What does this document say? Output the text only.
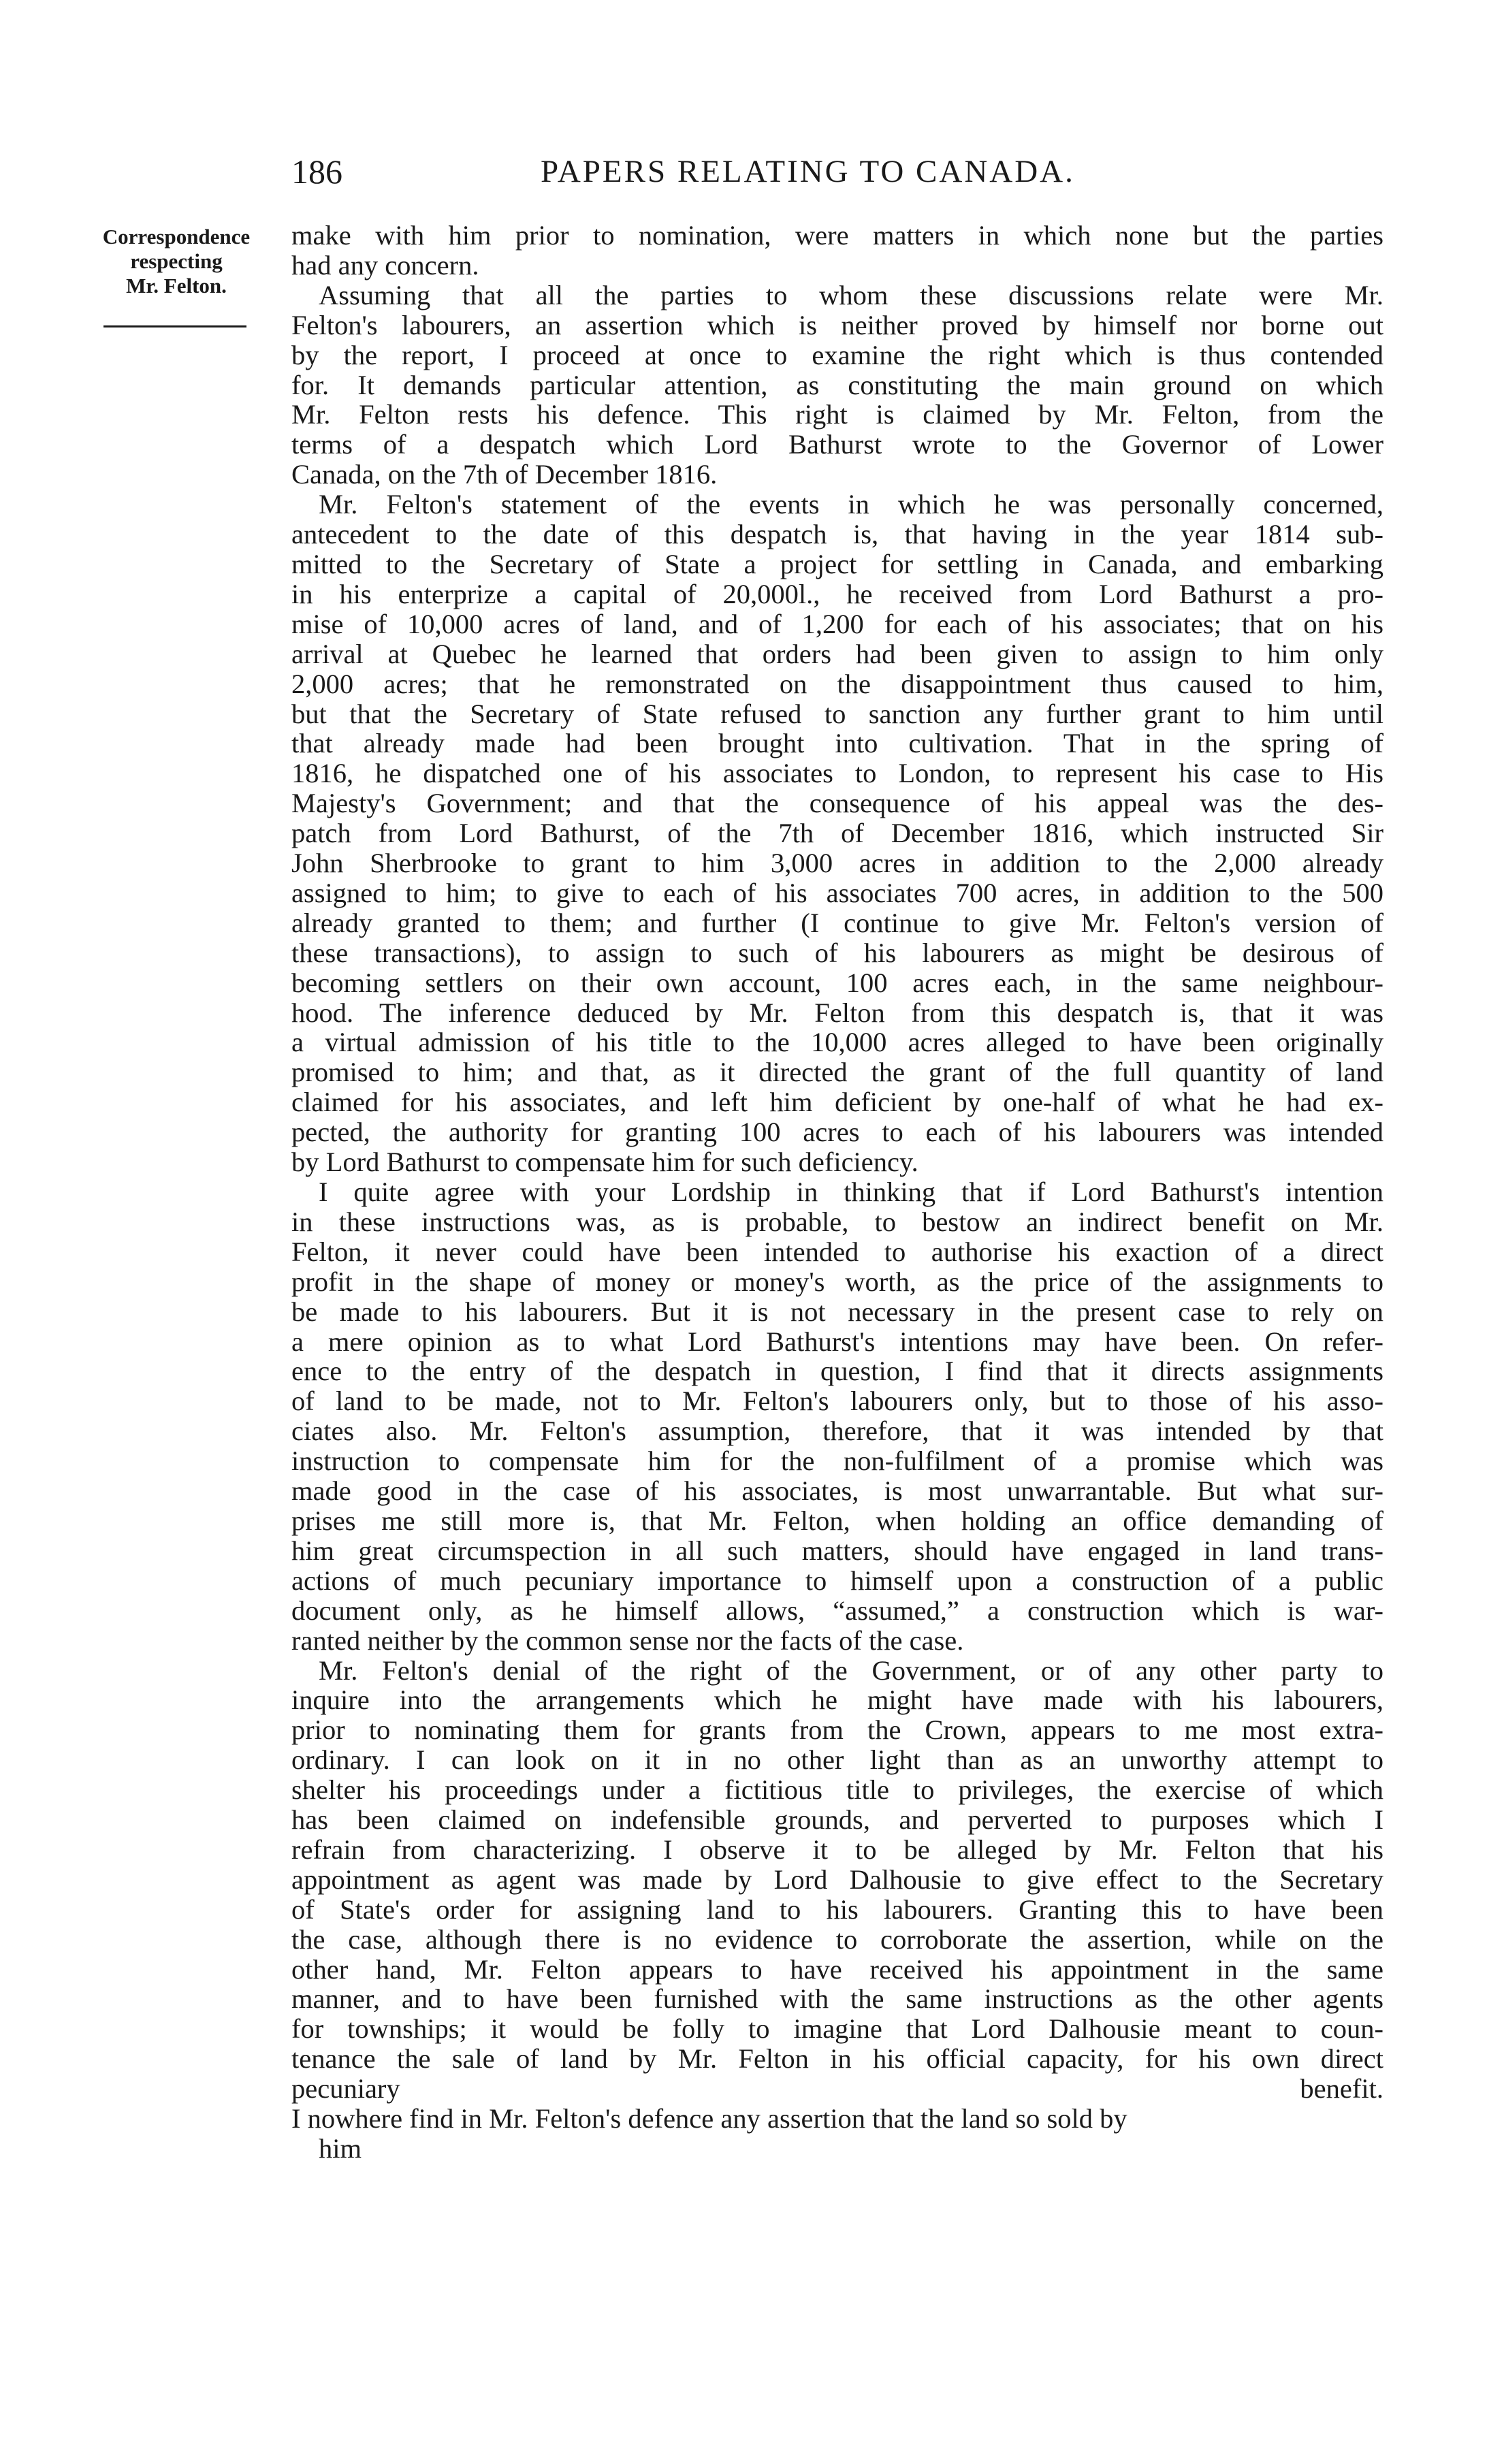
186	PAPERS RELATING TO CANADA.
Correspondence
respecting
Mr. Felton.
make with him prior to nomination, were matters in which none but the parties
had any concern.
Assuming that all the parties to whom these discussions relate were Mr.
Felton's labourers, an assertion which is neither proved by himself nor borne out
by the report, I proceed at once to examine the right which is thus contended
for. It demands particular attention, as constituting the main ground on which
Mr. Felton rests his defence. This right is claimed by Mr. Felton, from the
terms of a despatch which Lord Bathurst wrote to the Governor of Lower
Canada, on the 7th of December 1816.
Mr. Felton's statement of the events in which he was personally concerned,
antecedent to the date of this despatch is, that having in the year 1814 sub-
mitted to the Secretary of State a project for settling in Canada, and embarking
in his enterprize a capital of 20,000l., he received from Lord Bathurst a pro-
mise of 10,000 acres of land, and of 1,200 for each of his associates; that on his
arrival at Quebec he learned that orders had been given to assign to him only
2,000 acres; that he remonstrated on the disappointment thus caused to him,
but that the Secretary of State refused to sanction any further grant to him until
that already made had been brought into cultivation. That in the spring of
1816, he dispatched one of his associates to London, to represent his case to His
Majesty's Government; and that the consequence of his appeal was the des-
patch from Lord Bathurst, of the 7th of December 1816, which instructed Sir
John Sherbrooke to grant to him 3,000 acres in addition to the 2,000 already
assigned to him; to give to each of his associates 700 acres, in addition to the 500
already granted to them; and further (I continue to give Mr. Felton's version of
these transactions), to assign to such of his labourers as might be desirous of
becoming settlers on their own account, 100 acres each, in the same neighbour-
hood. The inference deduced by Mr. Felton from this despatch is, that it was
a virtual admission of his title to the 10,000 acres alleged to have been originally
promised to him; and that, as it directed the grant of the full quantity of land
claimed for his associates, and left him deficient by one-half of what he had ex-
pected, the authority for granting 100 acres to each of his labourers was intended
by Lord Bathurst to compensate him for such deficiency.
I quite agree with your Lordship in thinking that if Lord Bathurst's intention
in these instructions was, as is probable, to bestow an indirect benefit on Mr.
Felton, it never could have been intended to authorise his exaction of a direct
profit in the shape of money or money's worth, as the price of the assignments to
be made to his labourers. But it is not necessary in the present case to rely on
a mere opinion as to what Lord Bathurst's intentions may have been. On refer-
ence to the entry of the despatch in question, I find that it directs assignments
of land to be made, not to Mr. Felton's labourers only, but to those of his asso-
ciates also. Mr. Felton's assumption, therefore, that it was intended by that
instruction to compensate him for the non-fulfilment of a promise which was
made good in the case of his associates, is most unwarrantable. But what sur-
prises me still more is, that Mr. Felton, when holding an office demanding of
him great circumspection in all such matters, should have engaged in land trans-
actions of much pecuniary importance to himself upon a construction of a public
document only, as he himself allows, “assumed,” a construction which is war-
ranted neither by the common sense nor the facts of the case.
Mr. Felton's denial of the right of the Government, or of any other party to
inquire into the arrangements which he might have made with his labourers,
prior to nominating them for grants from the Crown, appears to me most extra-
ordinary. I can look on it in no other light than as an unworthy attempt to
shelter his proceedings under a fictitious title to privileges, the exercise of which
has been claimed on indefensible grounds, and perverted to purposes which I
refrain from characterizing. I observe it to be alleged by Mr. Felton that his
appointment as agent was made by Lord Dalhousie to give effect to the Secretary
of State's order for assigning land to his labourers. Granting this to have been
the case, although there is no evidence to corroborate the assertion, while on the
other hand, Mr. Felton appears to have received his appointment in the same
manner, and to have been furnished with the same instructions as the other agents
for townships; it would be folly to imagine that Lord Dalhousie meant to coun-
tenance the sale of land by Mr. Felton in his official capacity, for his own direct
pecuniary benefit.
I nowhere find in Mr. Felton's defence any assertion that the land so sold by
him
